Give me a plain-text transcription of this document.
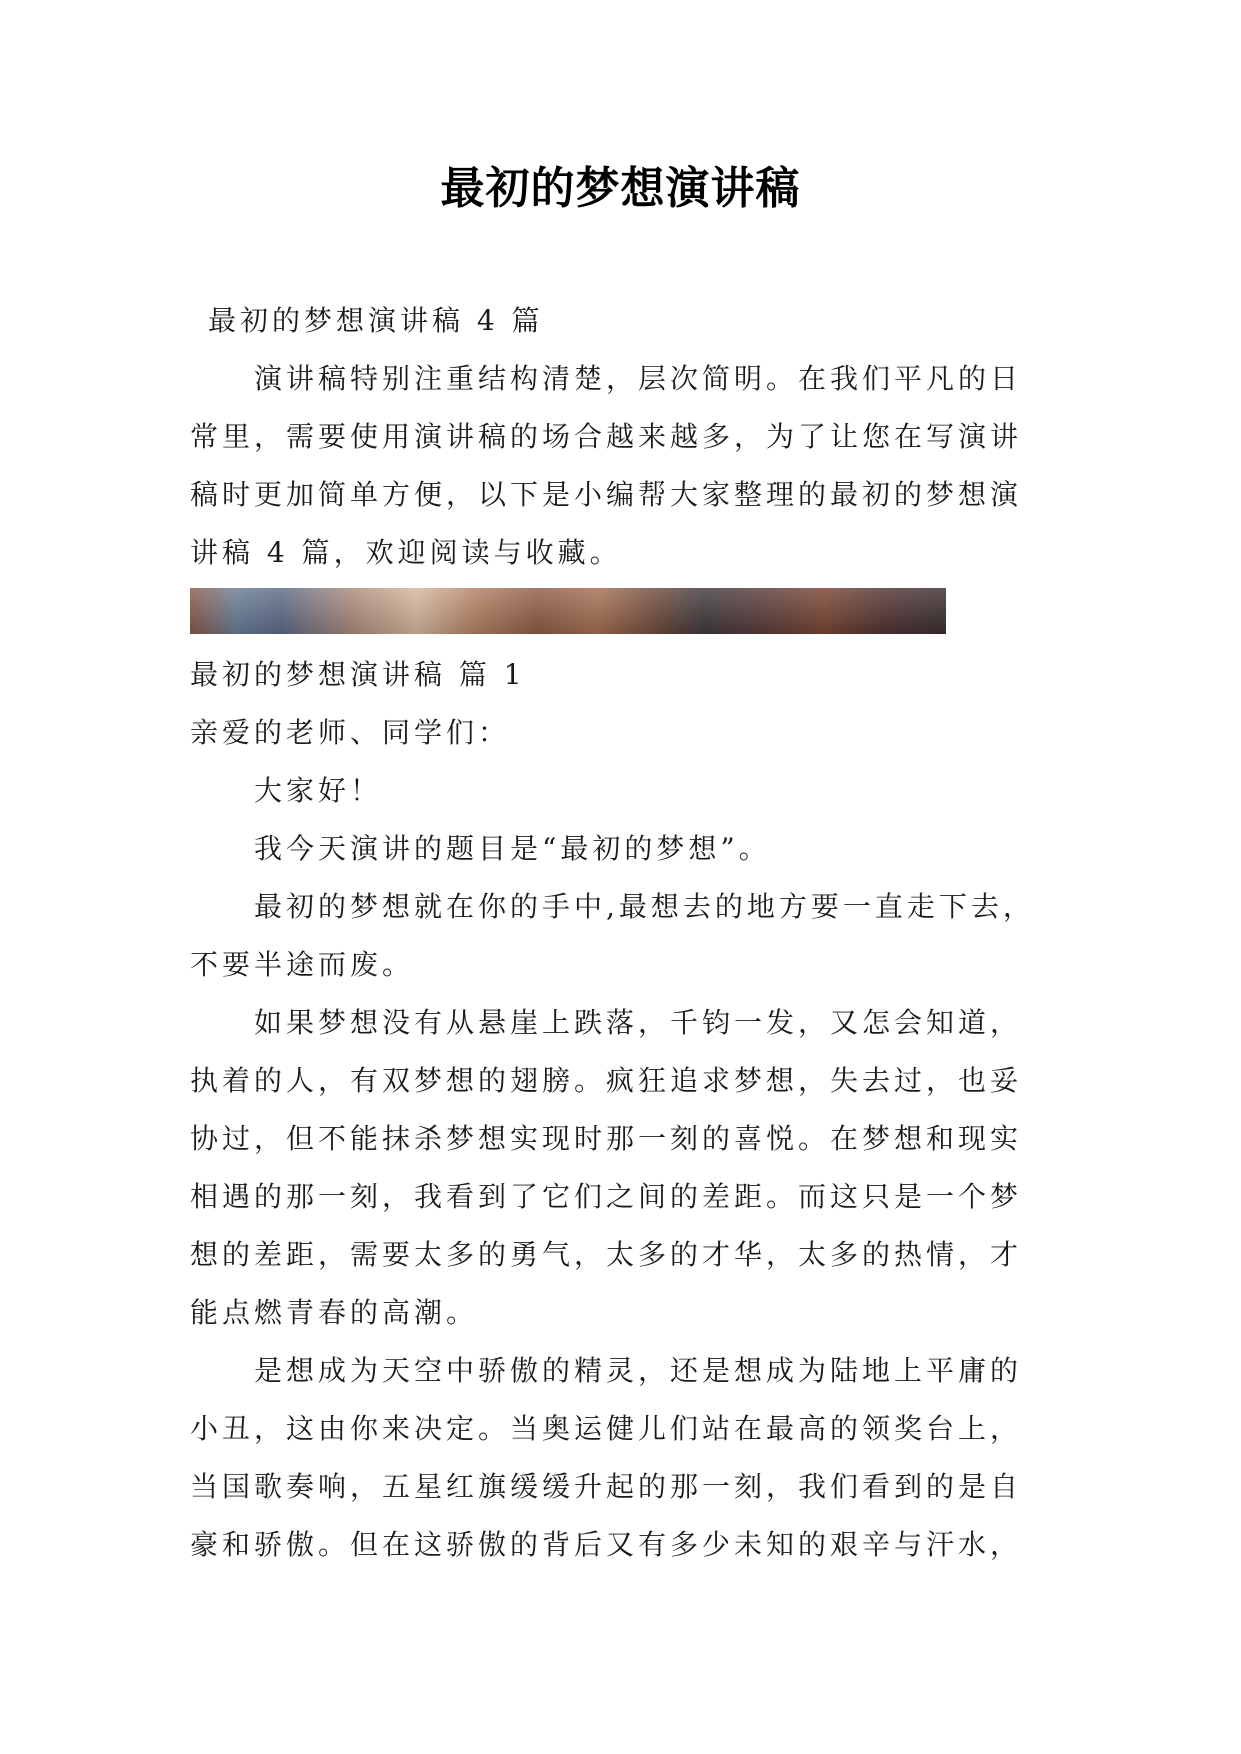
最初的梦想演讲稿

最初的梦想演讲稿 4 篇

演讲稿特别注重结构清楚，层次简明。在我们平凡的日

常里，需要使用演讲稿的场合越来越多，为了让您在写演讲

稿时更加简单方便，以下是小编帮大家整理的最初的梦想演

讲稿 4 篇，欢迎阅读与收藏。

最初的梦想演讲稿 篇 1

亲爱的老师、同学们：

大家好！

我今天演讲的题目是“最初的梦想”。

最初的梦想就在你的手中,最想去的地方要一直走下去，

不要半途而废。

如果梦想没有从悬崖上跌落，千钧一发，又怎会知道，

执着的人，有双梦想的翅膀。疯狂追求梦想，失去过，也妥

协过，但不能抹杀梦想实现时那一刻的喜悦。在梦想和现实

相遇的那一刻，我看到了它们之间的差距。而这只是一个梦

想的差距，需要太多的勇气，太多的才华，太多的热情，才

能点燃青春的高潮。

是想成为天空中骄傲的精灵，还是想成为陆地上平庸的

小丑，这由你来决定。当奥运健儿们站在最高的领奖台上，

当国歌奏响，五星红旗缓缓升起的那一刻，我们看到的是自

豪和骄傲。但在这骄傲的背后又有多少未知的艰辛与汗水，
